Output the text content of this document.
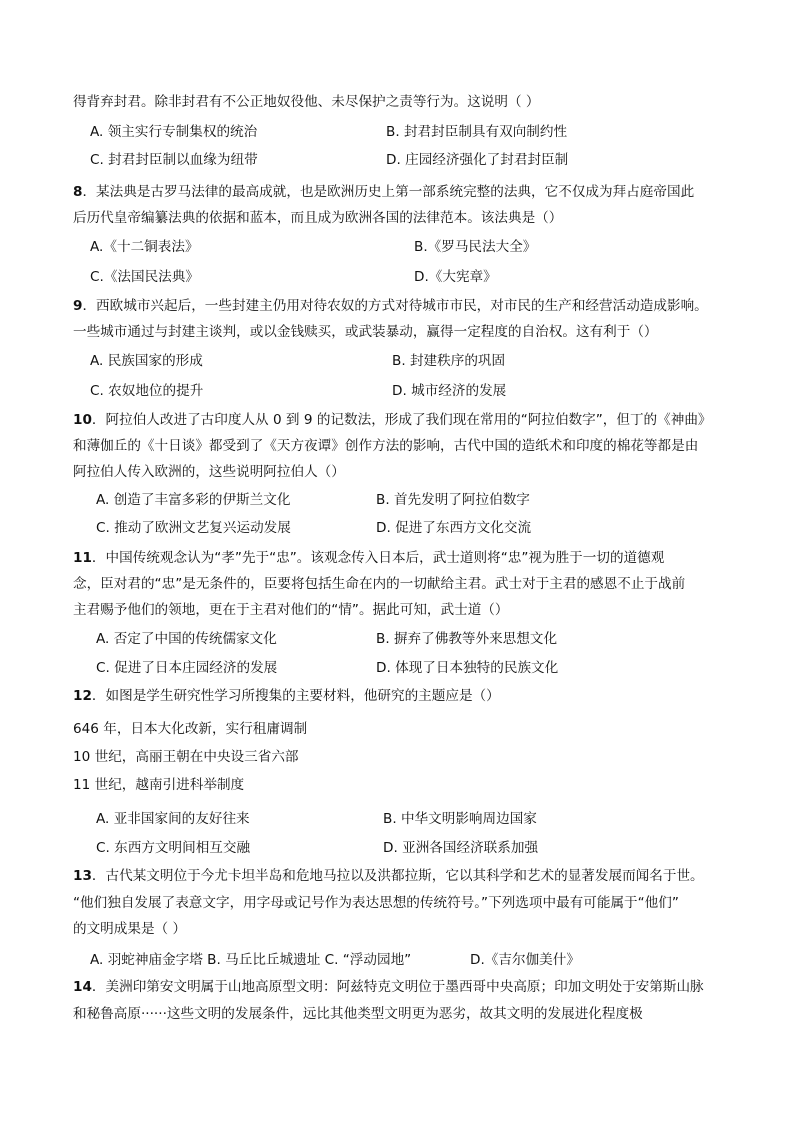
得背弃封君。除非封君有不公正地奴役他、未尽保护之责等行为。这说明（ ）
A. 领主实行专制集权的统治	B. 封君封臣制具有双向制约性
C. 封君封臣制以血缘为纽带	D. 庄园经济强化了封君封臣制
8．某法典是古罗马法律的最高成就，也是欧洲历史上第一部系统完整的法典，它不仅成为拜占庭帝国此
后历代皇帝编纂法典的依据和蓝本，而且成为欧洲各国的法律范本。该法典是（）
A.《十二铜表法》	B.《罗马民法大全》
C.《法国民法典》	D.《大宪章》
9．西欧城市兴起后，一些封建主仍用对待农奴的方式对待城市市民，对市民的生产和经营活动造成影响。
一些城市通过与封建主谈判，或以金钱赎买，或武装暴动，赢得一定程度的自治权。这有利于（）
A. 民族国家的形成	B. 封建秩序的巩固
C. 农奴地位的提升	D. 城市经济的发展
10．阿拉伯人改进了古印度人从 0 到 9 的记数法，形成了我们现在常用的“阿拉伯数字”，但丁的《神曲》
和薄伽丘的《十日谈》都受到了《天方夜谭》创作方法的影响，古代中国的造纸术和印度的棉花等都是由
阿拉伯人传入欧洲的，这些说明阿拉伯人（）
A. 创造了丰富多彩的伊斯兰文化	B. 首先发明了阿拉伯数字
C. 推动了欧洲文艺复兴运动发展	D. 促进了东西方文化交流
11．中国传统观念认为“孝”先于“忠”。该观念传入日本后，武士道则将“忠”视为胜于一切的道德观
念，臣对君的“忠”是无条件的，臣要将包括生命在内的一切献给主君。武士对于主君的感恩不止于战前
主君赐予他们的领地，更在于主君对他们的“情”。据此可知，武士道（）
A. 否定了中国的传统儒家文化	B. 摒弃了佛教等外来思想文化
C. 促进了日本庄园经济的发展	D. 体现了日本独特的民族文化
12．如图是学生研究性学习所搜集的主要材料，他研究的主题应是（）
646 年，日本大化改新，实行租庸调制
10 世纪，高丽王朝在中央设三省六部
11 世纪，越南引进科举制度
A. 亚非国家间的友好往来	B. 中华文明影响周边国家
C. 东西方文明间相互交融	D. 亚洲各国经济联系加强
13．古代某文明位于今尤卡坦半岛和危地马拉以及洪都拉斯，它以其科学和艺术的显著发展而闻名于世。
“他们独自发展了表意文字，用字母或记号作为表达思想的传统符号。”下列选项中最有可能属于“他们”
的文明成果是（ ）
A. 羽蛇神庙金字塔 B. 马丘比丘城遗址 C. “浮动园地”	D.《吉尔伽美什》
14．美洲印第安文明属于山地高原型文明：阿兹特克文明位于墨西哥中央高原；印加文明处于安第斯山脉
和秘鲁高原······这些文明的发展条件，远比其他类型文明更为恶劣，故其文明的发展进化程度极
